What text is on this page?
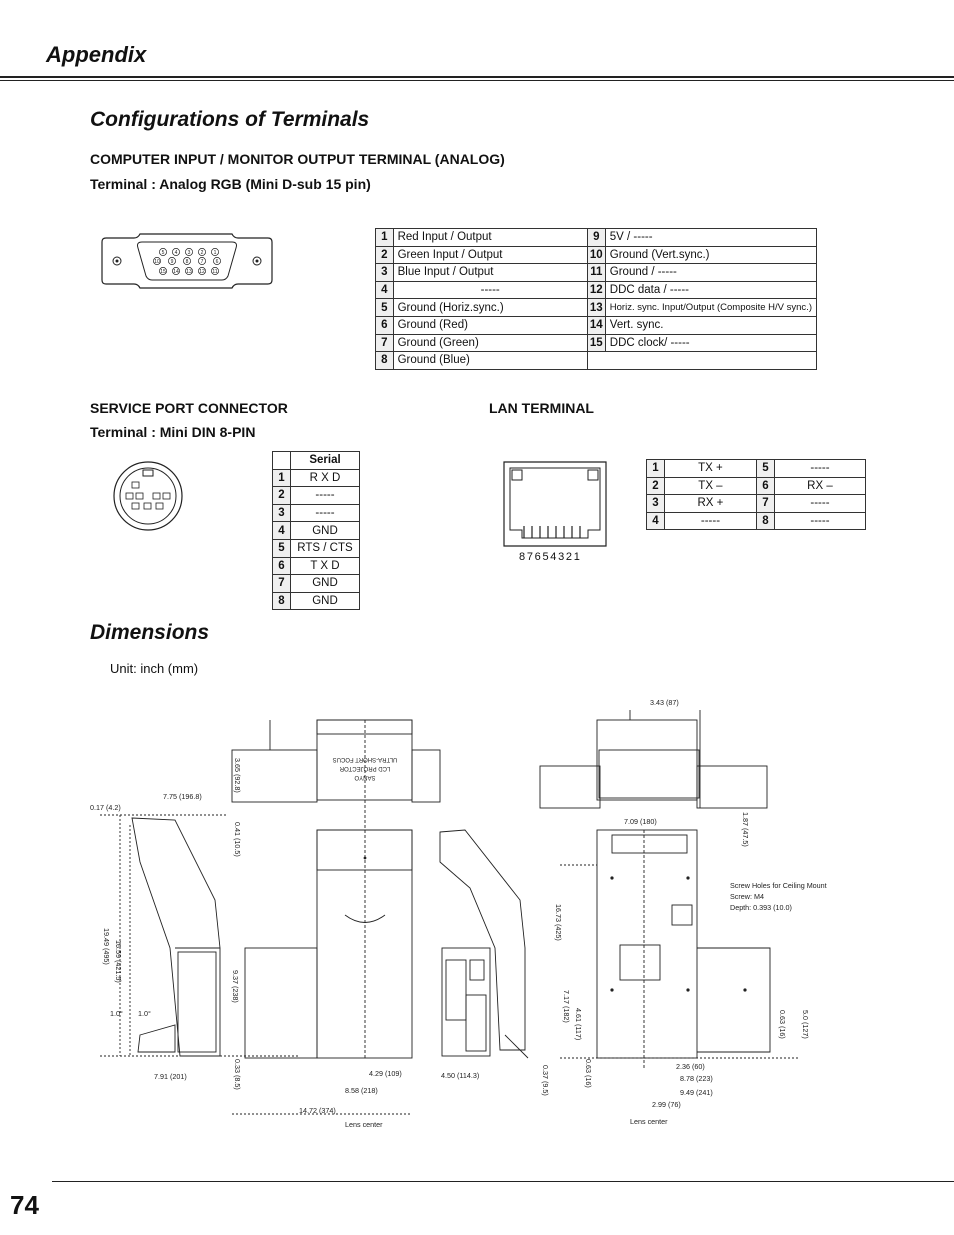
Appendix
Configurations of Terminals
COMPUTER INPUT / MONITOR OUTPUT TERMINAL (ANALOG)
Terminal : Analog RGB (Mini D-sub 15 pin)
5 4 3 2 1
10 9 8 7 6
15 14 13 12 11
1	Red Input / Output	9	5V / -----
2	Green Input / Output	10	Ground (Vert.sync.)
3	Blue Input / Output	11	Ground / -----
4	-----	12	DDC data / -----
5	Ground (Horiz.sync.)	13	Horiz. sync. Input/Output (Composite H/V sync.)
6	Ground (Red)	14	Vert. sync.
7	Ground (Green)	15	DDC clock/ -----
8	Ground (Blue)		
SERVICE PORT CONNECTOR
Terminal : Mini DIN 8-PIN
	Serial
1	R X D
2	-----
3	-----
4	GND
5	RTS / CTS
6	T X D
7	GND
8	GND
LAN TERMINAL
87654321
1	TX +	5	-----
2	TX –	6	RX –
3	RX +	7	-----
4	-----	8	-----
Dimensions
Unit: inch (mm)
SANYO
LCD PROJECTOR
ULTRA-SHORT FOCUS
0.17 (4.2)
7.75 (196.8)
1.0° 1.0°
7.91 (201)	4.29 (109)
8.58 (218)
14.72 (374)
Lens center
4.50 (114.3)
3.43 (87)
7.09 (180)
2.36 (60)
8.78 (223)
9.49 (241)
2.99 (76)
Lens center
Screw Holes for Ceiling Mount
Screw: M4
Depth: 0.393 (10.0)
3.65 (92.8)
0.41 (10.5)
19.49 (495) 16.59 (421.5)
9.37 (238)
0.33 (8.5)
1.87 (47.5)
16.73 (425)
7.17 (182)
4.61 (117)
0.63 (16)
0.37 (9.5)
5.0 (127)
0.63 (16)
74
